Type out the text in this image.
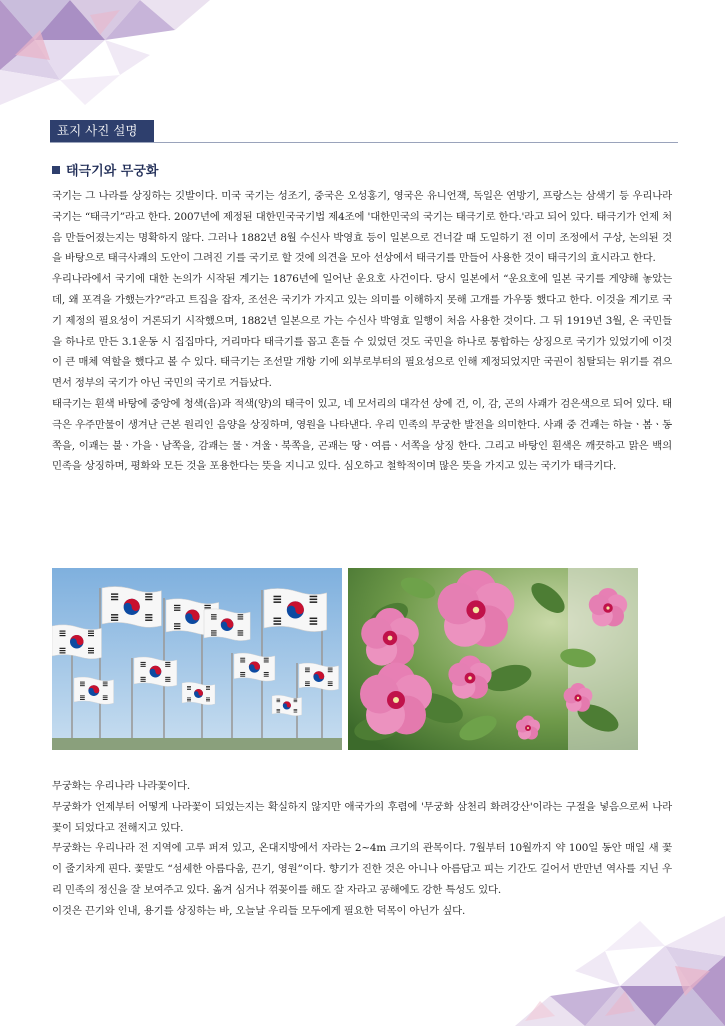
표지 사진 설명
태극기와 무궁화

국기는 그 나라를 상징하는 깃발이다. 미국 국기는 성조기, 중국은 오성홍기, 영국은 유니언잭, 독일은 연방기, 프랑스는 삼색기 등 우리나라 국기는 “태극기”라고 한다. 2007년에 제정된 대한민국국기법 제4조에 '대한민국의 국기는 태극기로 한다.'라고 되어 있다. 태극기가 언제 처음 만들어졌는지는 명확하지 않다. 그러나 1882년 8월 수신사 박영효 등이 일본으로 건너갈 때 도일하기 전 이미 조정에서 구상, 논의된 것을 바탕으로 태극사괘의 도안이 그려진 기를 국기로 할 것에 의견을 모아 선상에서 태극기를 만들어 사용한 것이 태극기의 효시라고 한다.

우리나라에서 국기에 대한 논의가 시작된 계기는 1876년에 일어난 운요호 사건이다. 당시 일본에서 “운요호에 일본 국기를 게양해 놓았는데, 왜 포격을 가했는가?”라고 트집을 잡자, 조선은 국기가 가지고 있는 의미를 이해하지 못해 고개를 가우뚱 했다고 한다. 이것을 계기로 국기 제정의 필요성이 거론되기 시작했으며, 1882년 일본으로 가는 수신사 박영효 일행이 처음 사용한 것이다. 그 뒤 1919년 3월, 온 국민들을 하나로 만든 3.1운동 시 집집마다, 거리마다 태극기를 꼽고 흔들 수 있었던 것도 국민을 하나로 통합하는 상징으로 국기가 있었기에 이것이 큰 매체 역할을 했다고 볼 수 있다. 태극기는 조선말 개항 기에 외부로부터의 필요성으로 인해 제정되었지만 국권이 침탈되는 위기를 겪으면서 정부의 국기가 아닌 국민의 국기로 거듭났다.

태극기는 흰색 바탕에 중앙에 청색(음)과 적색(양)의 태극이 있고, 네 모서리의 대각선 상에 건, 이, 감, 곤의 사괘가 검은색으로 되어 있다. 태극은 우주만물이 생겨난 근본 원리인 음양을 상징하며, 영원을 나타낸다. 우리 민족의 무궁한 발전을 의미한다. 사괘 중 건괘는 하늘ㆍ봄ㆍ동쪽을, 이괘는 불ㆍ가을ㆍ남쪽을, 감괘는 물ㆍ겨울ㆍ북쪽을, 곤괘는 땅ㆍ여름ㆍ서쪽을 상징 한다. 그리고 바탕인 흰색은 깨끗하고 맑은 백의 민족을 상징하며, 평화와 모든 것을 포용한다는 뜻을 지니고 있다. 심오하고 철학적이며 많은 뜻을 가지고 있는 국기가 태극기다.

무궁화는 우리나라 나라꽃이다.

무궁화가 언제부터 어떻게 나라꽃이 되었는지는 확실하지 않지만 애국가의 후렴에 '무궁화 삼천리 화려강산'이라는 구절을 넣음으로써 나라꽃이 되었다고 전해지고 있다.

무궁화는 우리나라 전 지역에 고루 퍼져 있고, 온대지방에서 자라는 2~4m 크기의 관목이다. 7월부터 10월까지 약 100일 동안 매일 새 꽃이 줄기차게 핀다. 꽃말도 “섬세한 아름다움, 끈기, 영원”이다. 향기가 진한 것은 아니나 아름답고 피는 기간도 길어서 반만년 역사를 지닌 우리 민족의 정신을 잘 보여주고 있다. 옮겨 심거나 꺾꽂이를 해도 잘 자라고 공해에도 강한 특성도 있다.

이것은 끈기와 인내, 용기를 상징하는 바, 오늘날 우리들 모두에게 필요한 덕목이 아닌가 싶다.
